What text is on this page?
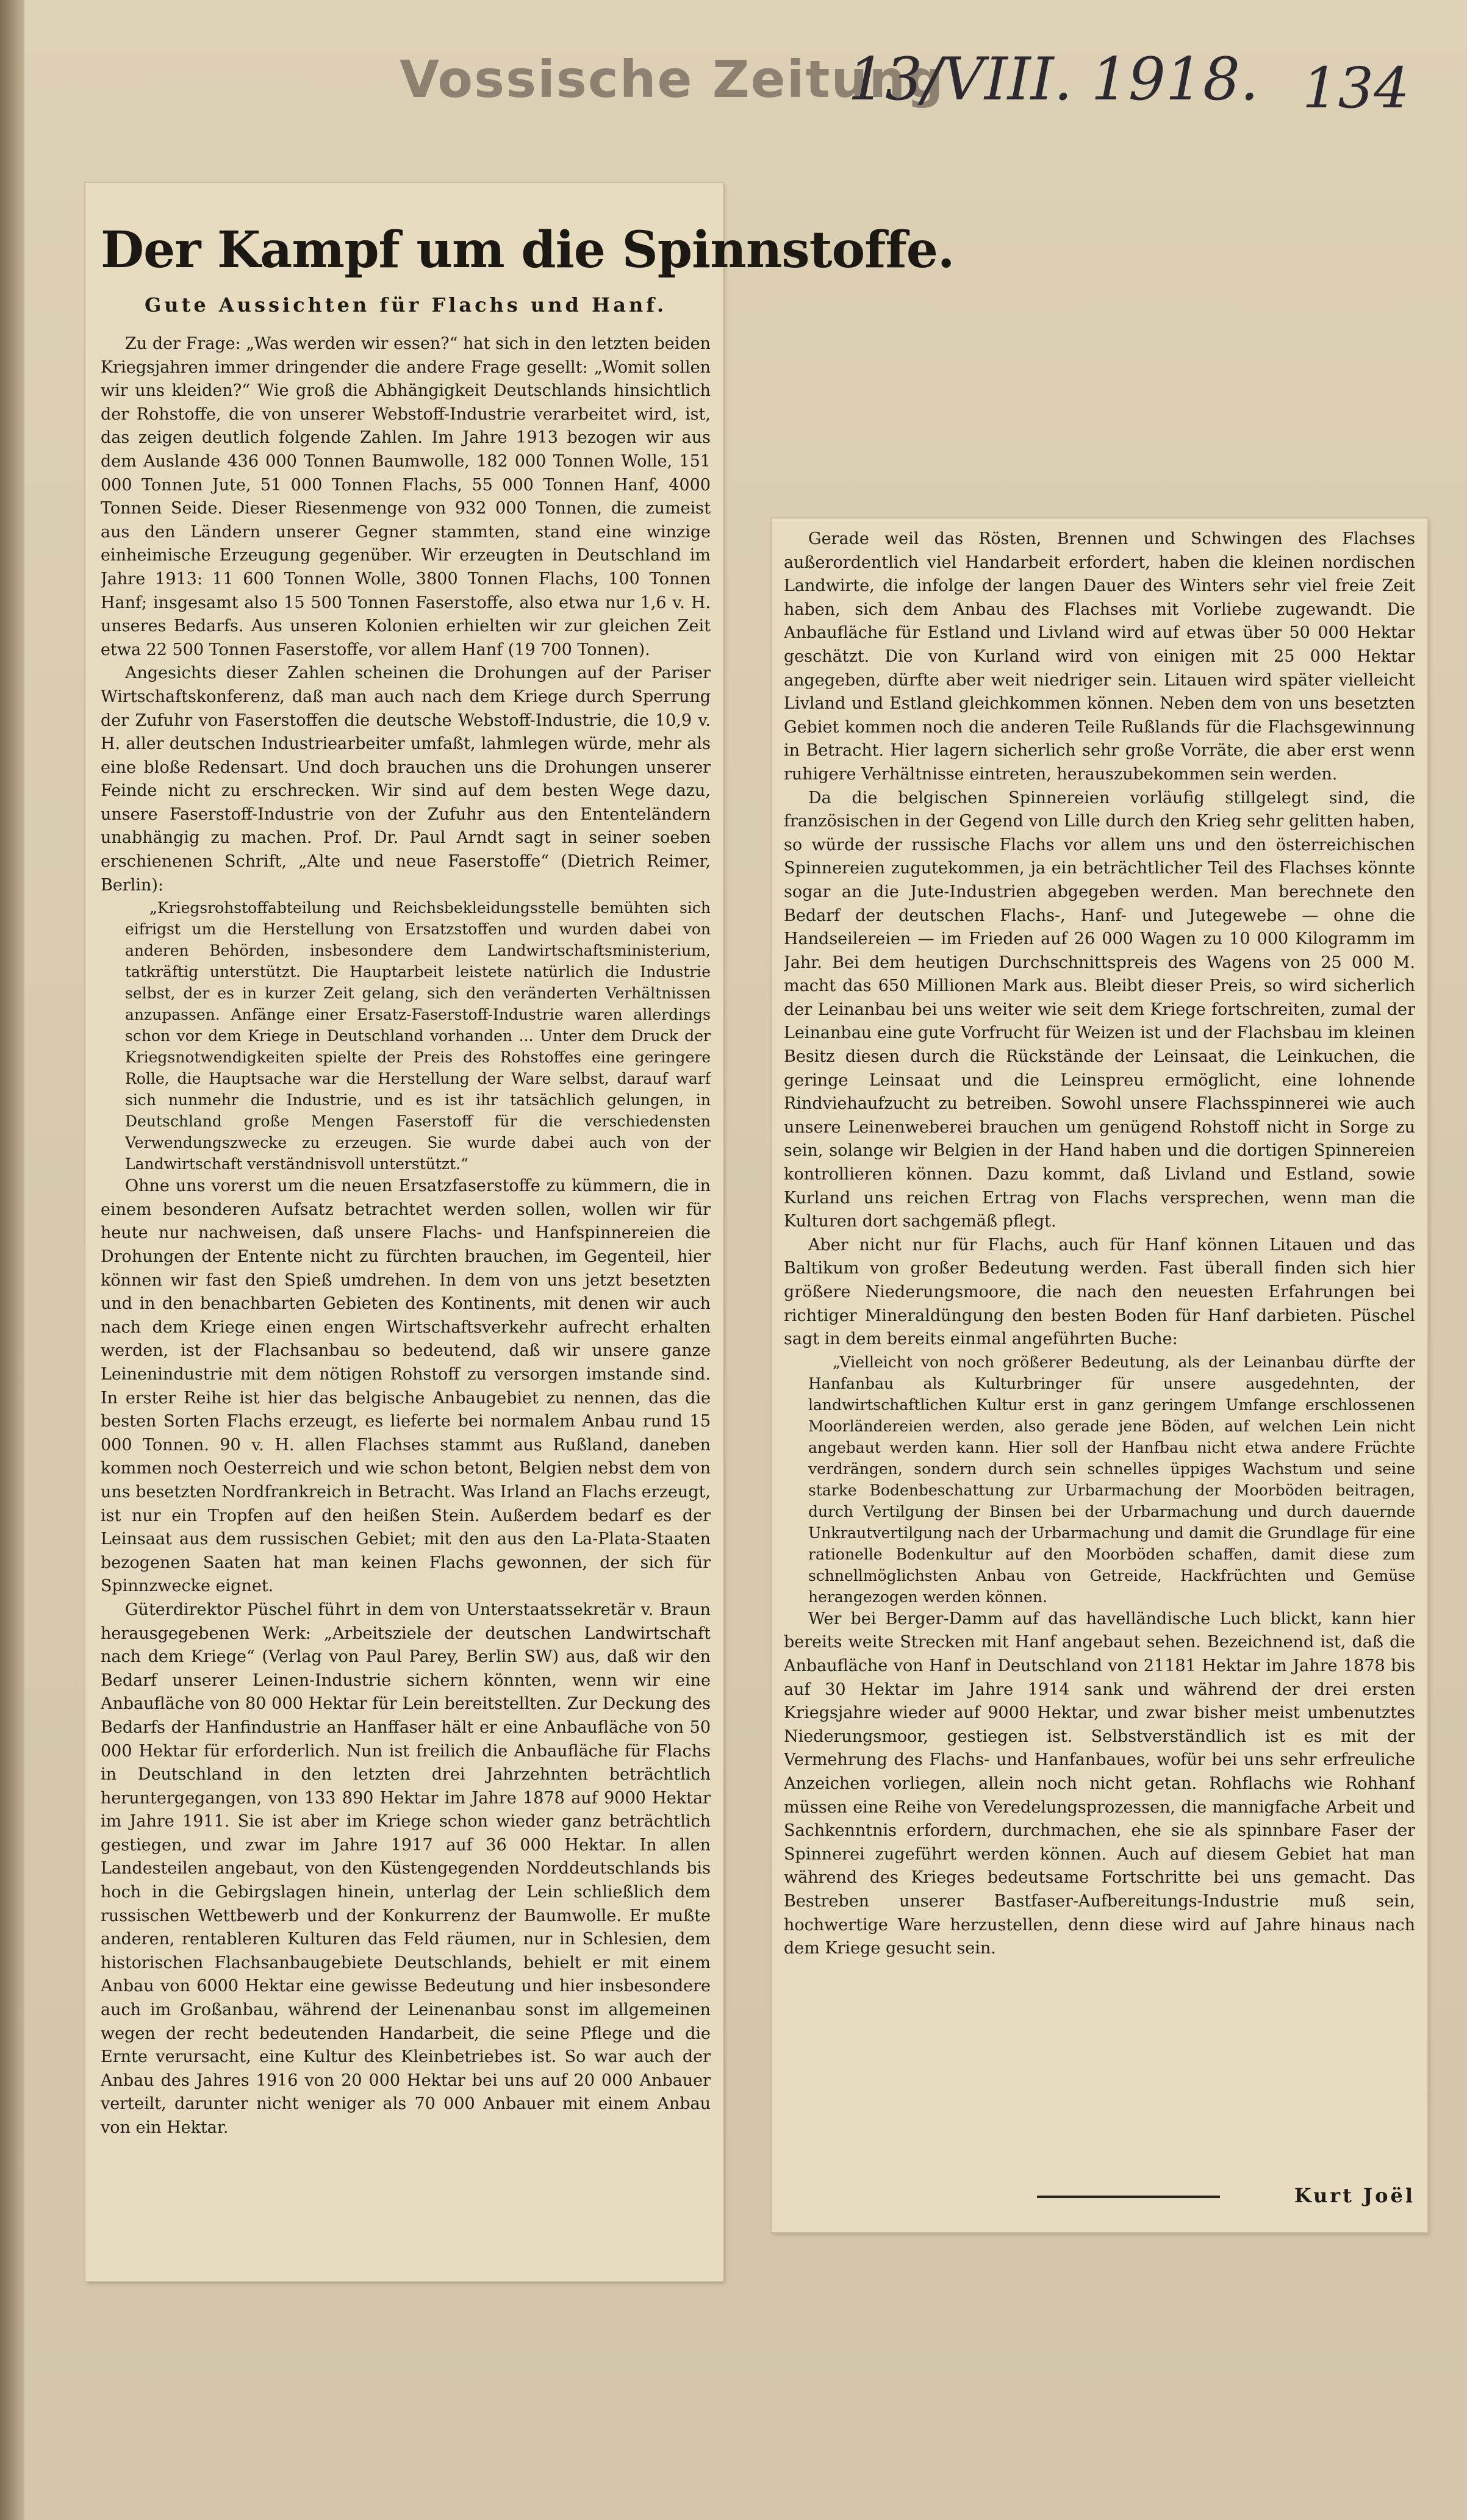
Vossische Zeitung
13/VIII. 1918. 134
Der Kampf um die Spinnstoffe.
Gute Aussichten für Flachs und Hanf.

Zu der Frage: „Was werden wir essen?“ hat sich in den letzten beiden Kriegsjahren immer dringender die andere Frage gesellt: „Womit sollen wir uns kleiden?“ Wie groß die Abhängigkeit Deutschlands hinsichtlich der Rohstoffe, die von unserer Webstoff-Industrie verarbeitet wird, ist, das zeigen deutlich folgende Zahlen. Im Jahre 1913 bezogen wir aus dem Auslande 436 000 Tonnen Baumwolle, 182 000 Tonnen Wolle, 151 000 Tonnen Jute, 51 000 Tonnen Flachs, 55 000 Tonnen Hanf, 4000 Tonnen Seide. Dieser Riesenmenge von 932 000 Tonnen, die zumeist aus den Ländern unserer Gegner stammten, stand eine winzige einheimische Erzeugung gegenüber. Wir erzeugten in Deutschland im Jahre 1913: 11 600 Tonnen Wolle, 3800 Tonnen Flachs, 100 Tonnen Hanf; insgesamt also 15 500 Tonnen Faserstoffe, also etwa nur 1,6 v. H. unseres Bedarfs. Aus unseren Kolonien erhielten wir zur gleichen Zeit etwa 22 500 Tonnen Faserstoffe, vor allem Hanf (19 700 Tonnen).

Angesichts dieser Zahlen scheinen die Drohungen auf der Pariser Wirtschaftskonferenz, daß man auch nach dem Kriege durch Sperrung der Zufuhr von Faserstoffen die deutsche Webstoff-Industrie, die 10,9 v. H. aller deutschen Industriearbeiter umfaßt, lahmlegen würde, mehr als eine bloße Redensart. Und doch brauchen uns die Drohungen unserer Feinde nicht zu erschrecken. Wir sind auf dem besten Wege dazu, unsere Faserstoff-Industrie von der Zufuhr aus den Ententeländern unabhängig zu machen. Prof. Dr. Paul Arndt sagt in seiner soeben erschienenen Schrift, „Alte und neue Faserstoffe“ (Dietrich Reimer, Berlin):

„Kriegsrohstoffabteilung und Reichsbekleidungsstelle bemühten sich eifrigst um die Herstellung von Ersatzstoffen und wurden dabei von anderen Behörden, insbesondere dem Landwirtschaftsministerium, tatkräftig unterstützt. Die Hauptarbeit leistete natürlich die Industrie selbst, der es in kurzer Zeit gelang, sich den veränderten Verhältnissen anzupassen. Anfänge einer Ersatz-Faserstoff-Industrie waren allerdings schon vor dem Kriege in Deutschland vorhanden ... Unter dem Druck der Kriegsnotwendigkeiten spielte der Preis des Rohstoffes eine geringere Rolle, die Hauptsache war die Herstellung der Ware selbst, darauf warf sich nunmehr die Industrie, und es ist ihr tatsächlich gelungen, in Deutschland große Mengen Faserstoff für die verschiedensten Verwendungszwecke zu erzeugen. Sie wurde dabei auch von der Landwirtschaft verständnisvoll unterstützt.“

Ohne uns vorerst um die neuen Ersatzfaserstoffe zu kümmern, die in einem besonderen Aufsatz betrachtet werden sollen, wollen wir für heute nur nachweisen, daß unsere Flachs- und Hanfspinnereien die Drohungen der Entente nicht zu fürchten brauchen, im Gegenteil, hier können wir fast den Spieß umdrehen. In dem von uns jetzt besetzten und in den benachbarten Gebieten des Kontinents, mit denen wir auch nach dem Kriege einen engen Wirtschaftsverkehr aufrecht erhalten werden, ist der Flachsanbau so bedeutend, daß wir unsere ganze Leinenindustrie mit dem nötigen Rohstoff zu versorgen imstande sind. In erster Reihe ist hier das belgische Anbaugebiet zu nennen, das die besten Sorten Flachs erzeugt, es lieferte bei normalem Anbau rund 15 000 Tonnen. 90 v. H. allen Flachses stammt aus Rußland, daneben kommen noch Oesterreich und wie schon betont, Belgien nebst dem von uns besetzten Nordfrankreich in Betracht. Was Irland an Flachs erzeugt, ist nur ein Tropfen auf den heißen Stein. Außerdem bedarf es der Leinsaat aus dem russischen Gebiet; mit den aus den La-Plata-Staaten bezogenen Saaten hat man keinen Flachs gewonnen, der sich für Spinnzwecke eignet.

Güterdirektor Püschel führt in dem von Unterstaatssekretär v. Braun herausgegebenen Werk: „Arbeitsziele der deutschen Landwirtschaft nach dem Kriege“ (Verlag von Paul Parey, Berlin SW) aus, daß wir den Bedarf unserer Leinen-Industrie sichern könnten, wenn wir eine Anbaufläche von 80 000 Hektar für Lein bereitstellten. Zur Deckung des Bedarfs der Hanfindustrie an Hanffaser hält er eine Anbaufläche von 50 000 Hektar für erforderlich. Nun ist freilich die Anbaufläche für Flachs in Deutschland in den letzten drei Jahrzehnten beträchtlich heruntergegangen, von 133 890 Hektar im Jahre 1878 auf 9000 Hektar im Jahre 1911. Sie ist aber im Kriege schon wieder ganz beträchtlich gestiegen, und zwar im Jahre 1917 auf 36 000 Hektar. In allen Landesteilen angebaut, von den Küstengegenden Norddeutschlands bis hoch in die Gebirgslagen hinein, unterlag der Lein schließlich dem russischen Wettbewerb und der Konkurrenz der Baumwolle. Er mußte anderen, rentableren Kulturen das Feld räumen, nur in Schlesien, dem historischen Flachsanbaugebiete Deutschlands, behielt er mit einem Anbau von 6000 Hektar eine gewisse Bedeutung und hier insbesondere auch im Großanbau, während der Leinenanbau sonst im allgemeinen wegen der recht bedeutenden Handarbeit, die seine Pflege und die Ernte verursacht, eine Kultur des Kleinbetriebes ist. So war auch der Anbau des Jahres 1916 von 20 000 Hektar bei uns auf 20 000 Anbauer verteilt, darunter nicht weniger als 70 000 Anbauer mit einem Anbau von ein Hektar.

Gerade weil das Rösten, Brennen und Schwingen des Flachses außerordentlich viel Handarbeit erfordert, haben die kleinen nordischen Landwirte, die infolge der langen Dauer des Winters sehr viel freie Zeit haben, sich dem Anbau des Flachses mit Vorliebe zugewandt. Die Anbaufläche für Estland und Livland wird auf etwas über 50 000 Hektar geschätzt. Die von Kurland wird von einigen mit 25 000 Hektar angegeben, dürfte aber weit niedriger sein. Litauen wird später vielleicht Livland und Estland gleichkommen können. Neben dem von uns besetzten Gebiet kommen noch die anderen Teile Rußlands für die Flachsgewinnung in Betracht. Hier lagern sicherlich sehr große Vorräte, die aber erst wenn ruhigere Verhältnisse eintreten, herauszubekommen sein werden.

Da die belgischen Spinnereien vorläufig stillgelegt sind, die französischen in der Gegend von Lille durch den Krieg sehr gelitten haben, so würde der russische Flachs vor allem uns und den österreichischen Spinnereien zugutekommen, ja ein beträchtlicher Teil des Flachses könnte sogar an die Jute-Industrien abgegeben werden. Man berechnete den Bedarf der deutschen Flachs-, Hanf- und Jutegewebe — ohne die Handseilereien — im Frieden auf 26 000 Wagen zu 10 000 Kilogramm im Jahr. Bei dem heutigen Durchschnittspreis des Wagens von 25 000 M. macht das 650 Millionen Mark aus. Bleibt dieser Preis, so wird sicherlich der Leinanbau bei uns weiter wie seit dem Kriege fortschreiten, zumal der Leinanbau eine gute Vorfrucht für Weizen ist und der Flachsbau im kleinen Besitz diesen durch die Rückstände der Leinsaat, die Leinkuchen, die geringe Leinsaat und die Leinspreu ermöglicht, eine lohnende Rindviehaufzucht zu betreiben. Sowohl unsere Flachsspinnerei wie auch unsere Leinenweberei brauchen um genügend Rohstoff nicht in Sorge zu sein, solange wir Belgien in der Hand haben und die dortigen Spinnereien kontrollieren können. Dazu kommt, daß Livland und Estland, sowie Kurland uns reichen Ertrag von Flachs versprechen, wenn man die Kulturen dort sachgemäß pflegt.

Aber nicht nur für Flachs, auch für Hanf können Litauen und das Baltikum von großer Bedeutung werden. Fast überall finden sich hier größere Niederungsmoore, die nach den neuesten Erfahrungen bei richtiger Mineraldüngung den besten Boden für Hanf darbieten. Püschel sagt in dem bereits einmal angeführten Buche:

„Vielleicht von noch größerer Bedeutung, als der Leinanbau dürfte der Hanfanbau als Kulturbringer für unsere ausgedehnten, der landwirtschaftlichen Kultur erst in ganz geringem Umfange erschlossenen Moorländereien werden, also gerade jene Böden, auf welchen Lein nicht angebaut werden kann. Hier soll der Hanfbau nicht etwa andere Früchte verdrängen, sondern durch sein schnelles üppiges Wachstum und seine starke Bodenbeschattung zur Urbarmachung der Moorböden beitragen, durch Vertilgung der Binsen bei der Urbarmachung und durch dauernde Unkrautvertilgung nach der Urbarmachung und damit die Grundlage für eine rationelle Bodenkultur auf den Moorböden schaffen, damit diese zum schnellmöglichsten Anbau von Getreide, Hackfrüchten und Gemüse herangezogen werden können.

Wer bei Berger-Damm auf das havelländische Luch blickt, kann hier bereits weite Strecken mit Hanf angebaut sehen. Bezeichnend ist, daß die Anbaufläche von Hanf in Deutschland von 21181 Hektar im Jahre 1878 bis auf 30 Hektar im Jahre 1914 sank und während der drei ersten Kriegsjahre wieder auf 9000 Hektar, und zwar bisher meist umbenutztes Niederungsmoor, gestiegen ist. Selbstverständlich ist es mit der Vermehrung des Flachs- und Hanfanbaues, wofür bei uns sehr erfreuliche Anzeichen vorliegen, allein noch nicht getan. Rohflachs wie Rohhanf müssen eine Reihe von Veredelungsprozessen, die mannigfache Arbeit und Sachkenntnis erfordern, durchmachen, ehe sie als spinnbare Faser der Spinnerei zugeführt werden können. Auch auf diesem Gebiet hat man während des Krieges bedeutsame Fortschritte bei uns gemacht. Das Bestreben unserer Bastfaser-Aufbereitungs-Industrie muß sein, hochwertige Ware herzustellen, denn diese wird auf Jahre hinaus nach dem Kriege gesucht sein.

Kurt Joël
